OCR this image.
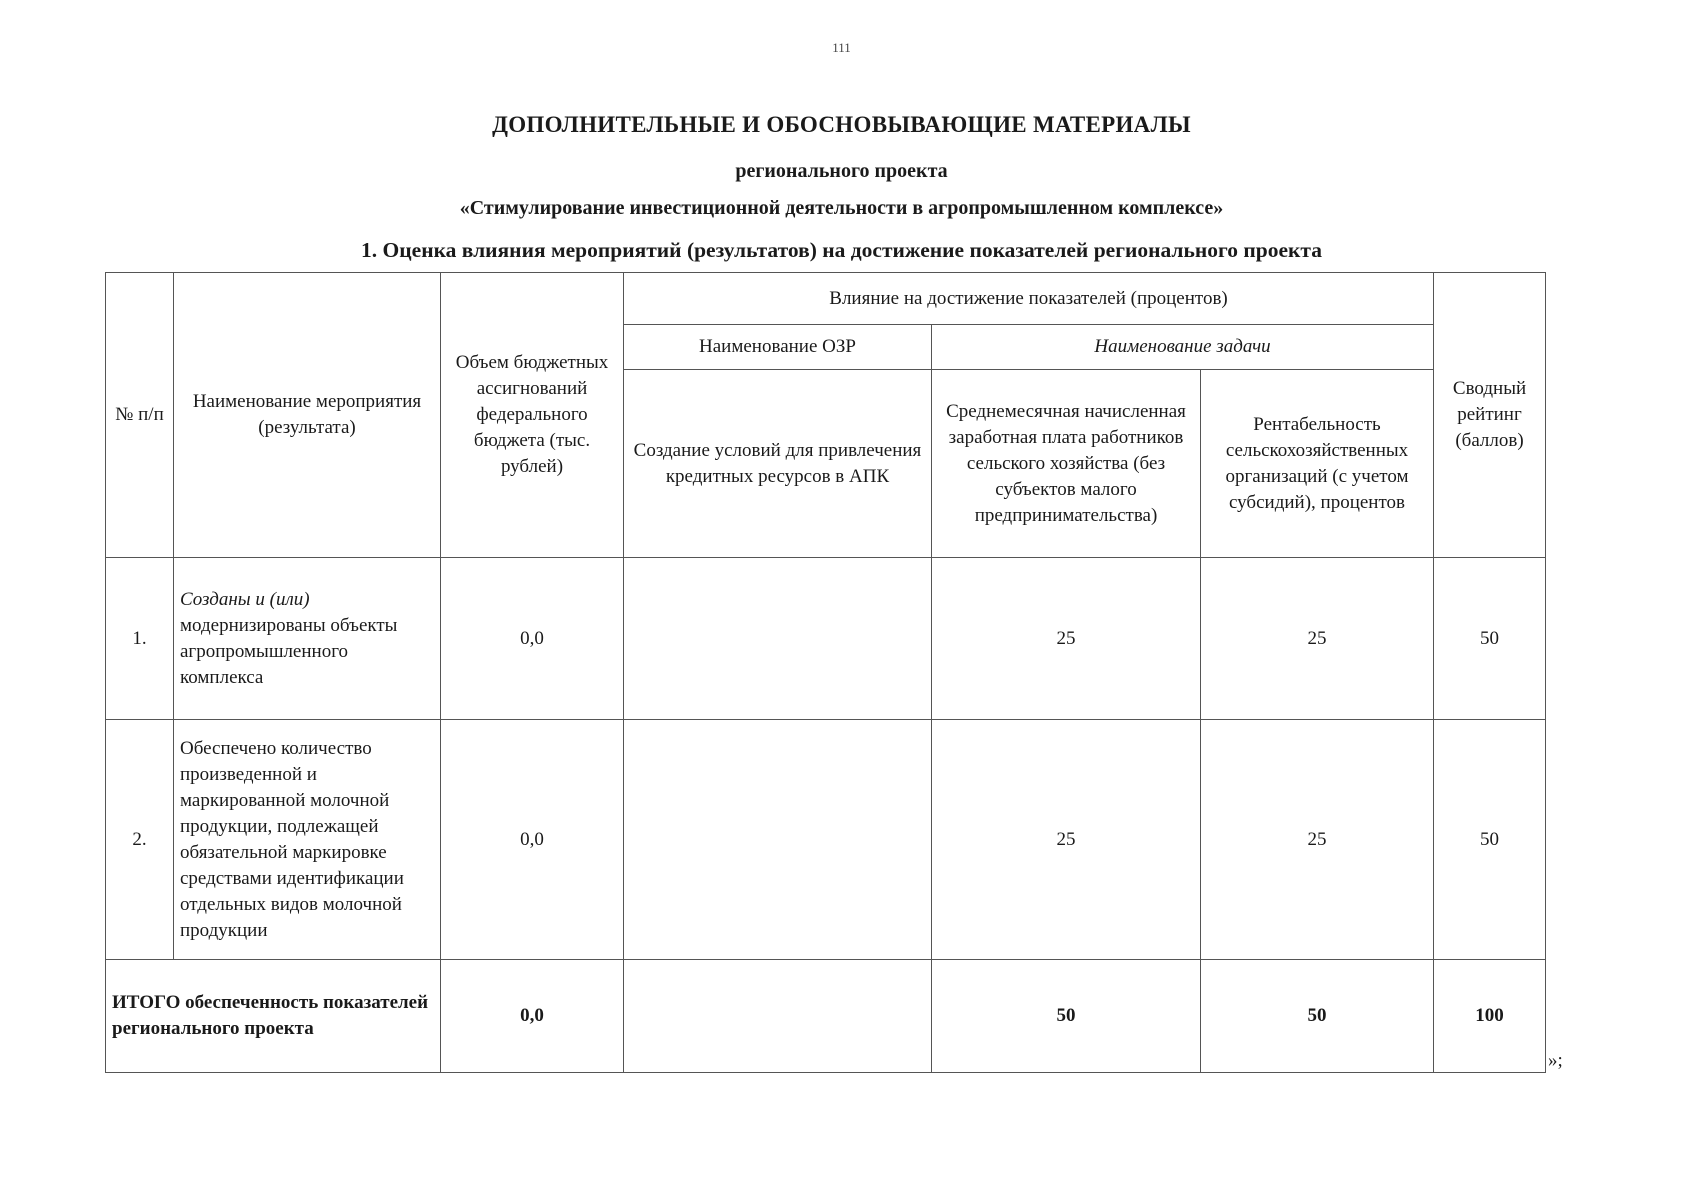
111
ДОПОЛНИТЕЛЬНЫЕ И ОБОСНОВЫВАЮЩИЕ МАТЕРИАЛЫ
регионального проекта
«Стимулирование инвестиционной деятельности в агропромышленном комплексе»
1. Оценка влияния мероприятий (результатов) на достижение показателей регионального проекта
№ п/п	Наименование мероприятия (результата)	Объем бюджетных ассигнований федерального бюджета (тыс. рублей)	Влияние на достижение показателей (процентов)			Сводный рейтинг (баллов)
			Наименование ОЗР	Наименование задачи		
			Создание условий для привлечения кредитных ресурсов в АПК	Среднемесячная начисленная заработная плата работников сельского хозяйства (без субъектов малого предпринимательства)	Рентабельность сельскохозяйственных организаций (с учетом субсидий), процентов	
1.	Созданы и (или) модернизированы объекты агропромышленного комплекса	0,0		25	25	50
2.	Обеспечено количество произведенной и маркированной молочной продукции, подлежащей обязательной маркировке средствами идентификации отдельных видов молочной продукции	0,0		25	25	50
ИТОГО обеспеченность показателей регионального проекта		0,0		50	50	100
»;
